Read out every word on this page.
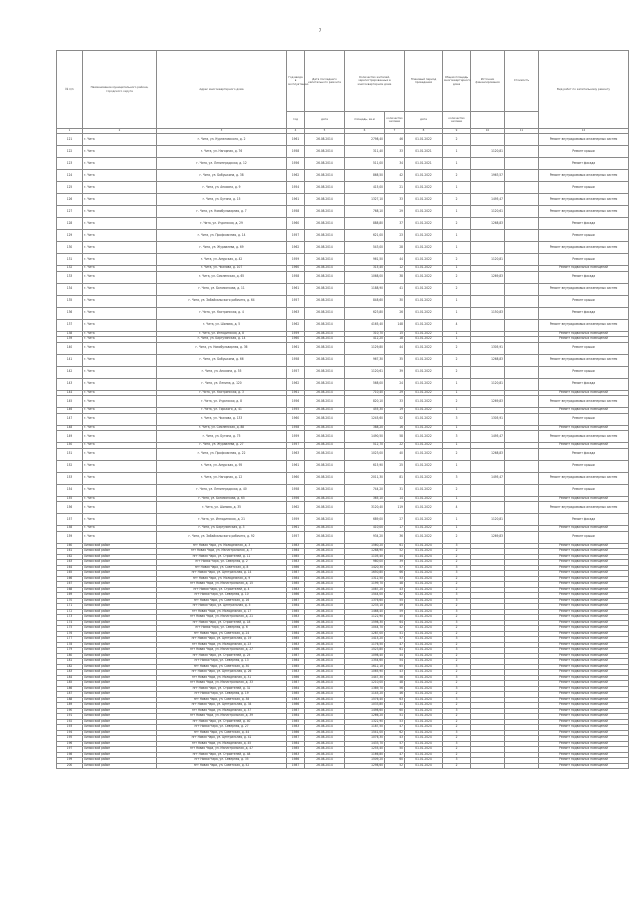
7
№ п/п	Наименование муниципального района, городского округа	Адрес многоквартирного дома	Год ввода в эксплуатацию	Дата последнего капитального ремонта	Количество жителей, зарегистрированных в многоквартирном доме		Плановый период проведения	Общая площадь многоквартирного дома	Источник финансирования	Стоимость	Вид работ по капитальному ремонту
			год	дата	площадь, кв.м	количество человек	дата	количество человек			
1	2	3	4	5	6	7	8	9	10	11	12
121	г. Чита	г. Чита, ул. Курнатовского, д. 2	1961	26.08.2014	2798,40	46	01.01.2022	2			Ремонт внутридомовых инженерных систем
122	г. Чита	г. Чита, ул. Нагорная, д. 76	1958	26.08.2014	311,40	33	01.01.2021	1	1120,81		Ремонт крыши
123	г. Чита	г. Чита, ул. Ленинградская, д. 12	1956	26.08.2014	511,00	34	01.01.2021	1			Ремонт фасада
124	г. Чита	г. Чита, ул. Бабушкина, д. 38	1962	26.08.2014	868,50	42	01.01.2022	2	1963,57		Ремонт внутридомовых инженерных систем
125	г. Чита	г. Чита, ул. Анохина, д. 9	1954	26.08.2014	415,00	21	01.01.2022	1			Ремонт крыши
126	г. Чита	г. Чита, ул. Бутина, д. 15	1961	26.08.2014	1327,10	33	01.01.2022	2	1495,47		Ремонт внутридомовых инженерных систем
127	г. Чита	г. Чита, ул. Новобульварная, д. 7	1958	26.08.2014	768,10	29	01.01.2022	1	1120,61		Ремонт внутридомовых инженерных систем
128	г. Чита	г. Чита, ул. Угданская, д. 29	1960	26.08.2014	888,80	37	01.01.2022	2	1268,83		Ремонт фасада
129	г. Чита	г. Чита, ул. Профсоюзная, д. 14	1957	26.08.2014	621,00	23	01.01.2022	1			Ремонт крыши
130	г. Чита	г. Чита, ул. Журавлева, д. 69	1962	26.08.2014	543,00	28	01.01.2022	1			Ремонт внутридомовых инженерных систем
131	г. Чита	г. Чита, ул. Амурская, д. 42	1959	26.08.2014	961,50	44	01.01.2022	2	1120,81		Ремонт крыши
132	г. Чита	г. Чита, ул. Чкалова, д. 107	1960	26.08.2014	315,40	12	01.01.2022	1			Ремонт подвальных помещений
133	г. Чита	г. Чита, ул. Смоленская, д. 65	1958	26.08.2014	1068,00	38	01.01.2022	2	1269,83		Ремонт фасада
134	г. Чита	г. Чита, ул. Богомягкова, д. 11	1961	26.08.2014	1188,90	41	01.01.2022	2			Ремонт внутридомовых инженерных систем
135	г. Чита	г. Чита, ул. Забайкальского рабочего, д. 64	1957	26.08.2014	848,60	30	01.01.2022	1			Ремонт крыши
136	г. Чита	г. Чита, ул. Кастринская, д. 4	1963	26.08.2014	623,80	26	01.01.2022	1	1150,83		Ремонт фасада
137	г. Чита	г. Чита, ул. Шилова, д. 5	1962	26.08.2014	4165,40	148	01.01.2022	4			Ремонт внутридомовых инженерных систем
138	г. Чита	г. Чита, ул. Ингодинская, д. 8	1959	26.08.2014	310,70	15	01.01.2022	1			Ремонт подвальных помещений
139	г. Чита	г. Чита, ул. Баргузинская, д. 14	1960	26.08.2014	412,20	18	01.01.2022	1			Ремонт подвальных помещений
140	г. Чита	г. Чита, ул. Новобульварная, д. 36	1961	26.08.2014	1129,80	44	01.01.2022	2	1305,91		Ремонт крыши
141	г. Чита	г. Чита, ул. Бабушкина, д. 66	1958	26.08.2014	967,30	35	01.01.2022	2	1268,83		Ремонт внутридомовых инженерных систем
142	г. Чита	г. Чита, ул. Анохина, д. 55	1957	26.08.2014	1120,61	39	01.01.2022	2			Ремонт крыши
143	г. Чита	г. Чита, ул. Ленина, д. 120	1962	26.08.2014	568,00	24	01.01.2022	1	1120,81		Ремонт фасада
144	г. Чита	г. Чита, ул. Кастринская, д. 3	1961	26.08.2014	710,40	29	01.01.2022	1			Ремонт подвальных помещений
145	г. Чита	г. Чита, ул. Угданская, д. 8	1956	26.08.2014	820,10	33	01.01.2022	2	1269,83		Ремонт внутридомовых инженерных систем
146	г. Чита	г. Чита, ул. Горького, д. 41	1955	26.08.2014	455,30	19	01.01.2022	1			Ремонт подвальных помещений
147	г. Чита	г. Чита, ул. Чкалова, д. 133	1960	26.08.2014	1245,60	52	01.01.2022	3	1305,91		Ремонт крыши
148	г. Чита	г. Чита, ул. Смоленская, д. 88	1958	26.08.2014	388,20	16	01.01.2022	1			Ремонт подвальных помещений
149	г. Чита	г. Чита, ул. Бутина, д. 75	1959	26.08.2014	1490,50	58	01.01.2022	3	1495,47		Ремонт внутридомовых инженерных систем
150	г. Чита	г. Чита, ул. Журавлева, д. 27	1957	26.08.2014	512,70	22	01.01.2022	1			Ремонт подвальных помещений
151	г. Чита	г. Чита, ул. Профсоюзная, д. 22	1963	26.08.2014	1023,00	40	01.01.2022	2	1268,83		Ремонт фасада
152	г. Чита	г. Чита, ул. Амурская, д. 95	1961	26.08.2014	615,90	25	01.01.2022	1			Ремонт крыши
153	г. Чита	г. Чита, ул. Нагорная, д. 12	1960	26.08.2014	2011,30	81	01.01.2022	3	1495,47		Ремонт внутридомовых инженерных систем
154	г. Чита	г. Чита, ул. Ленинградская, д. 40	1958	26.08.2014	744,20	31	01.01.2022	2			Ремонт крыши
155	г. Чита	г. Чита, ул. Богомягкова, д. 65	1956	26.08.2014	365,10	14	01.01.2022	1			Ремонт подвальных помещений
156	г. Чита	г. Чита, ул. Шилова, д. 35	1962	26.08.2014	3120,40	119	01.01.2022	4			Ремонт внутридомовых инженерных систем
157	г. Чита	г. Чита, ул. Ингодинская, д. 21	1959	26.08.2014	689,00	27	01.01.2022	1	1120,81		Ремонт фасада
158	г. Чита	г. Чита, ул. Баргузинская, д. 3	1961	26.08.2014	410,00	17	01.01.2022	1			Ремонт подвальных помещений
159	г. Чита	г. Чита, ул. Забайкальского рабочего, д. 92	1957	26.08.2014	934,20	36	01.01.2022	2	1269,83		Ремонт крыши
160	Хилокский район	пгт Новая Чара, ул. Молодежная, д. 3	1983	26.08.2014	1560,20	61	01.01.2024	3			Ремонт подвальных помещений
161	Хилокский район	пгт Новая Чара, ул. Магистральная, д. 7	1984	26.08.2014	1288,90	52	01.01.2024	2			Ремонт подвальных помещений
162	Хилокский район	пгт Новая Чара, ул. Строителей, д. 11	1985	26.08.2014	1105,40	44	01.01.2024	2			Ремонт подвальных помещений
163	Хилокский район	пгт Новая Чара, ул. Северная, д. 2	1983	26.08.2014	980,00	39	01.01.2024	2			Ремонт подвальных помещений
164	Хилокский район	пгт Новая Чара, ул. Советская, д. 8	1986	26.08.2014	1420,30	57	01.01.2024	3			Ремонт подвальных помещений
165	Хилокский район	пгт Новая Чара, ул. Центральная, д. 14	1987	26.08.2014	1650,80	66	01.01.2024	3			Ремонт подвальных помещений
166	Хилокский район	пгт Новая Чара, ул. Молодежная, д. 9	1984	26.08.2014	1312,50	53	01.01.2024	2			Ремонт подвальных помещений
167	Хилокский район	пгт Новая Чара, ул. Магистральная, д. 15	1985	26.08.2014	1199,70	48	01.01.2024	2			Ремонт подвальных помещений
168	Хилокский район	пгт Новая Чара, ул. Строителей, д. 4	1983	26.08.2014	1087,20	43	01.01.2024	2			Ремонт подвальных помещений
169	Хилокский район	пгт Новая Чара, ул. Северная, д. 10	1986	26.08.2014	1544,00	62	01.01.2024	3			Ремонт подвальных помещений
170	Хилокский район	пгт Новая Чара, ул. Советская, д. 16	1987	26.08.2014	1376,60	55	01.01.2024	3			Ремонт подвальных помещений
171	Хилокский район	пгт Новая Чара, ул. Центральная, д. 5	1984	26.08.2014	1233,10	49	01.01.2024	2			Ремонт подвальных помещений
172	Хилокский район	пгт Новая Чара, ул. Молодежная, д. 17	1985	26.08.2014	1468,40	59	01.01.2024	3			Ремонт подвальных помещений
173	Хилокский район	пгт Новая Чара, ул. Магистральная, д. 21	1983	26.08.2014	1122,90	45	01.01.2024	2			Ремонт подвальных помещений
174	Хилокский район	пгт Новая Чара, ул. Строителей, д. 18	1986	26.08.2014	1598,30	64	01.01.2024	3			Ремонт подвальных помещений
175	Хилокский район	пгт Новая Чара, ул. Северная, д. 6	1987	26.08.2014	1044,70	42	01.01.2024	2			Ремонт подвальных помещений
176	Хилокский район	пгт Новая Чара, ул. Советская, д. 24	1984	26.08.2014	1287,00	51	01.01.2024	2			Ремонт подвальных помещений
177	Хилокский район	пгт Новая Чара, ул. Центральная, д. 19	1985	26.08.2014	1415,20	57	01.01.2024	3			Ремонт подвальных помещений
178	Хилокский район	пгт Новая Чара, ул. Молодежная, д. 23	1983	26.08.2014	1176,50	47	01.01.2024	2			Ремонт подвальных помещений
179	Хилокский район	пгт Новая Чара, ул. Магистральная, д. 27	1986	26.08.2014	1523,80	61	01.01.2024	3			Ремонт подвальных помещений
180	Хилокский район	пгт Новая Чара, ул. Строителей, д. 25	1987	26.08.2014	1098,40	44	01.01.2024	2			Ремонт подвальных помещений
181	Хилокский район	пгт Новая Чара, ул. Северная, д. 13	1984	26.08.2014	1354,60	54	01.01.2024	2			Ремонт подвальных помещений
182	Хилокский район	пгт Новая Чара, ул. Советская, д. 30	1985	26.08.2014	1612,10	65	01.01.2024	3			Ремонт подвальных помещений
183	Хилокский район	пгт Новая Чара, ул. Центральная, д. 26	1983	26.08.2014	1065,90	43	01.01.2024	2			Ремонт подвальных помещений
184	Хилокский район	пгт Новая Чара, ул. Молодежная, д. 31	1986	26.08.2014	1447,30	58	01.01.2024	3			Ремонт подвальных помещений
185	Хилокский район	пгт Новая Чара, ул. Магистральная, д. 33	1987	26.08.2014	1210,00	48	01.01.2024	2			Ремонт подвальных помещений
186	Хилокский район	пгт Новая Чара, ул. Строителей, д. 32	1984	26.08.2014	1389,70	56	01.01.2024	3			Ремонт подвальных помещений
187	Хилокский район	пгт Новая Чара, ул. Северная, д. 19	1985	26.08.2014	1145,20	46	01.01.2024	2			Ремонт подвальных помещений
188	Хилокский район	пгт Новая Чара, ул. Советская, д. 38	1983	26.08.2014	1576,40	63	01.01.2024	3			Ремонт подвальных помещений
189	Хилокский район	пгт Новая Чара, ул. Центральная, д. 34	1986	26.08.2014	1033,80	41	01.01.2024	2			Ремонт подвальных помещений
190	Хилокский район	пгт Новая Чара, ул. Молодежная, д. 37	1987	26.08.2014	1498,60	60	01.01.2024	3			Ремонт подвальных помещений
191	Хилокский район	пгт Новая Чара, ул. Магистральная, д. 39	1984	26.08.2014	1266,20	51	01.01.2024	2			Ремонт подвальных помещений
192	Хилокский район	пгт Новая Чара, ул. Строителей, д. 40	1985	26.08.2014	1322,90	53	01.01.2024	2			Ремонт подвальных помещений
193	Хилокский район	пгт Новая Чара, ул. Северная, д. 27	1983	26.08.2014	1187,50	47	01.01.2024	2			Ремонт подвальных помещений
194	Хилокский район	пгт Новая Чара, ул. Советская, д. 44	1986	26.08.2014	1541,00	62	01.01.2024	3			Ремонт подвальных помещений
195	Хилокский район	пгт Новая Чара, ул. Центральная, д. 41	1987	26.08.2014	1076,30	43	01.01.2024	2			Ремонт подвальных помещений
196	Хилокский район	пгт Новая Чара, ул. Молодежная, д. 45	1984	26.08.2014	1433,70	57	01.01.2024	3			Ремонт подвальных помещений
197	Хилокский район	пгт Новая Чара, ул. Магистральная, д. 47	1985	26.08.2014	1255,40	50	01.01.2024	2			Ремонт подвальных помещений
198	Хилокский район	пгт Новая Чара, ул. Строителей, д. 48	1983	26.08.2014	1166,80	47	01.01.2024	2			Ремонт подвальных помещений
199	Хилокский район	пгт Новая Чара, ул. Северная, д. 35	1986	26.08.2014	1509,20	60	01.01.2024	3			Ремонт подвальных помещений
200	Хилокский район	пгт Новая Чара, ул. Советская, д. 52	1987	26.08.2014	1298,60	52	01.01.2024	2			Ремонт подвальных помещений
